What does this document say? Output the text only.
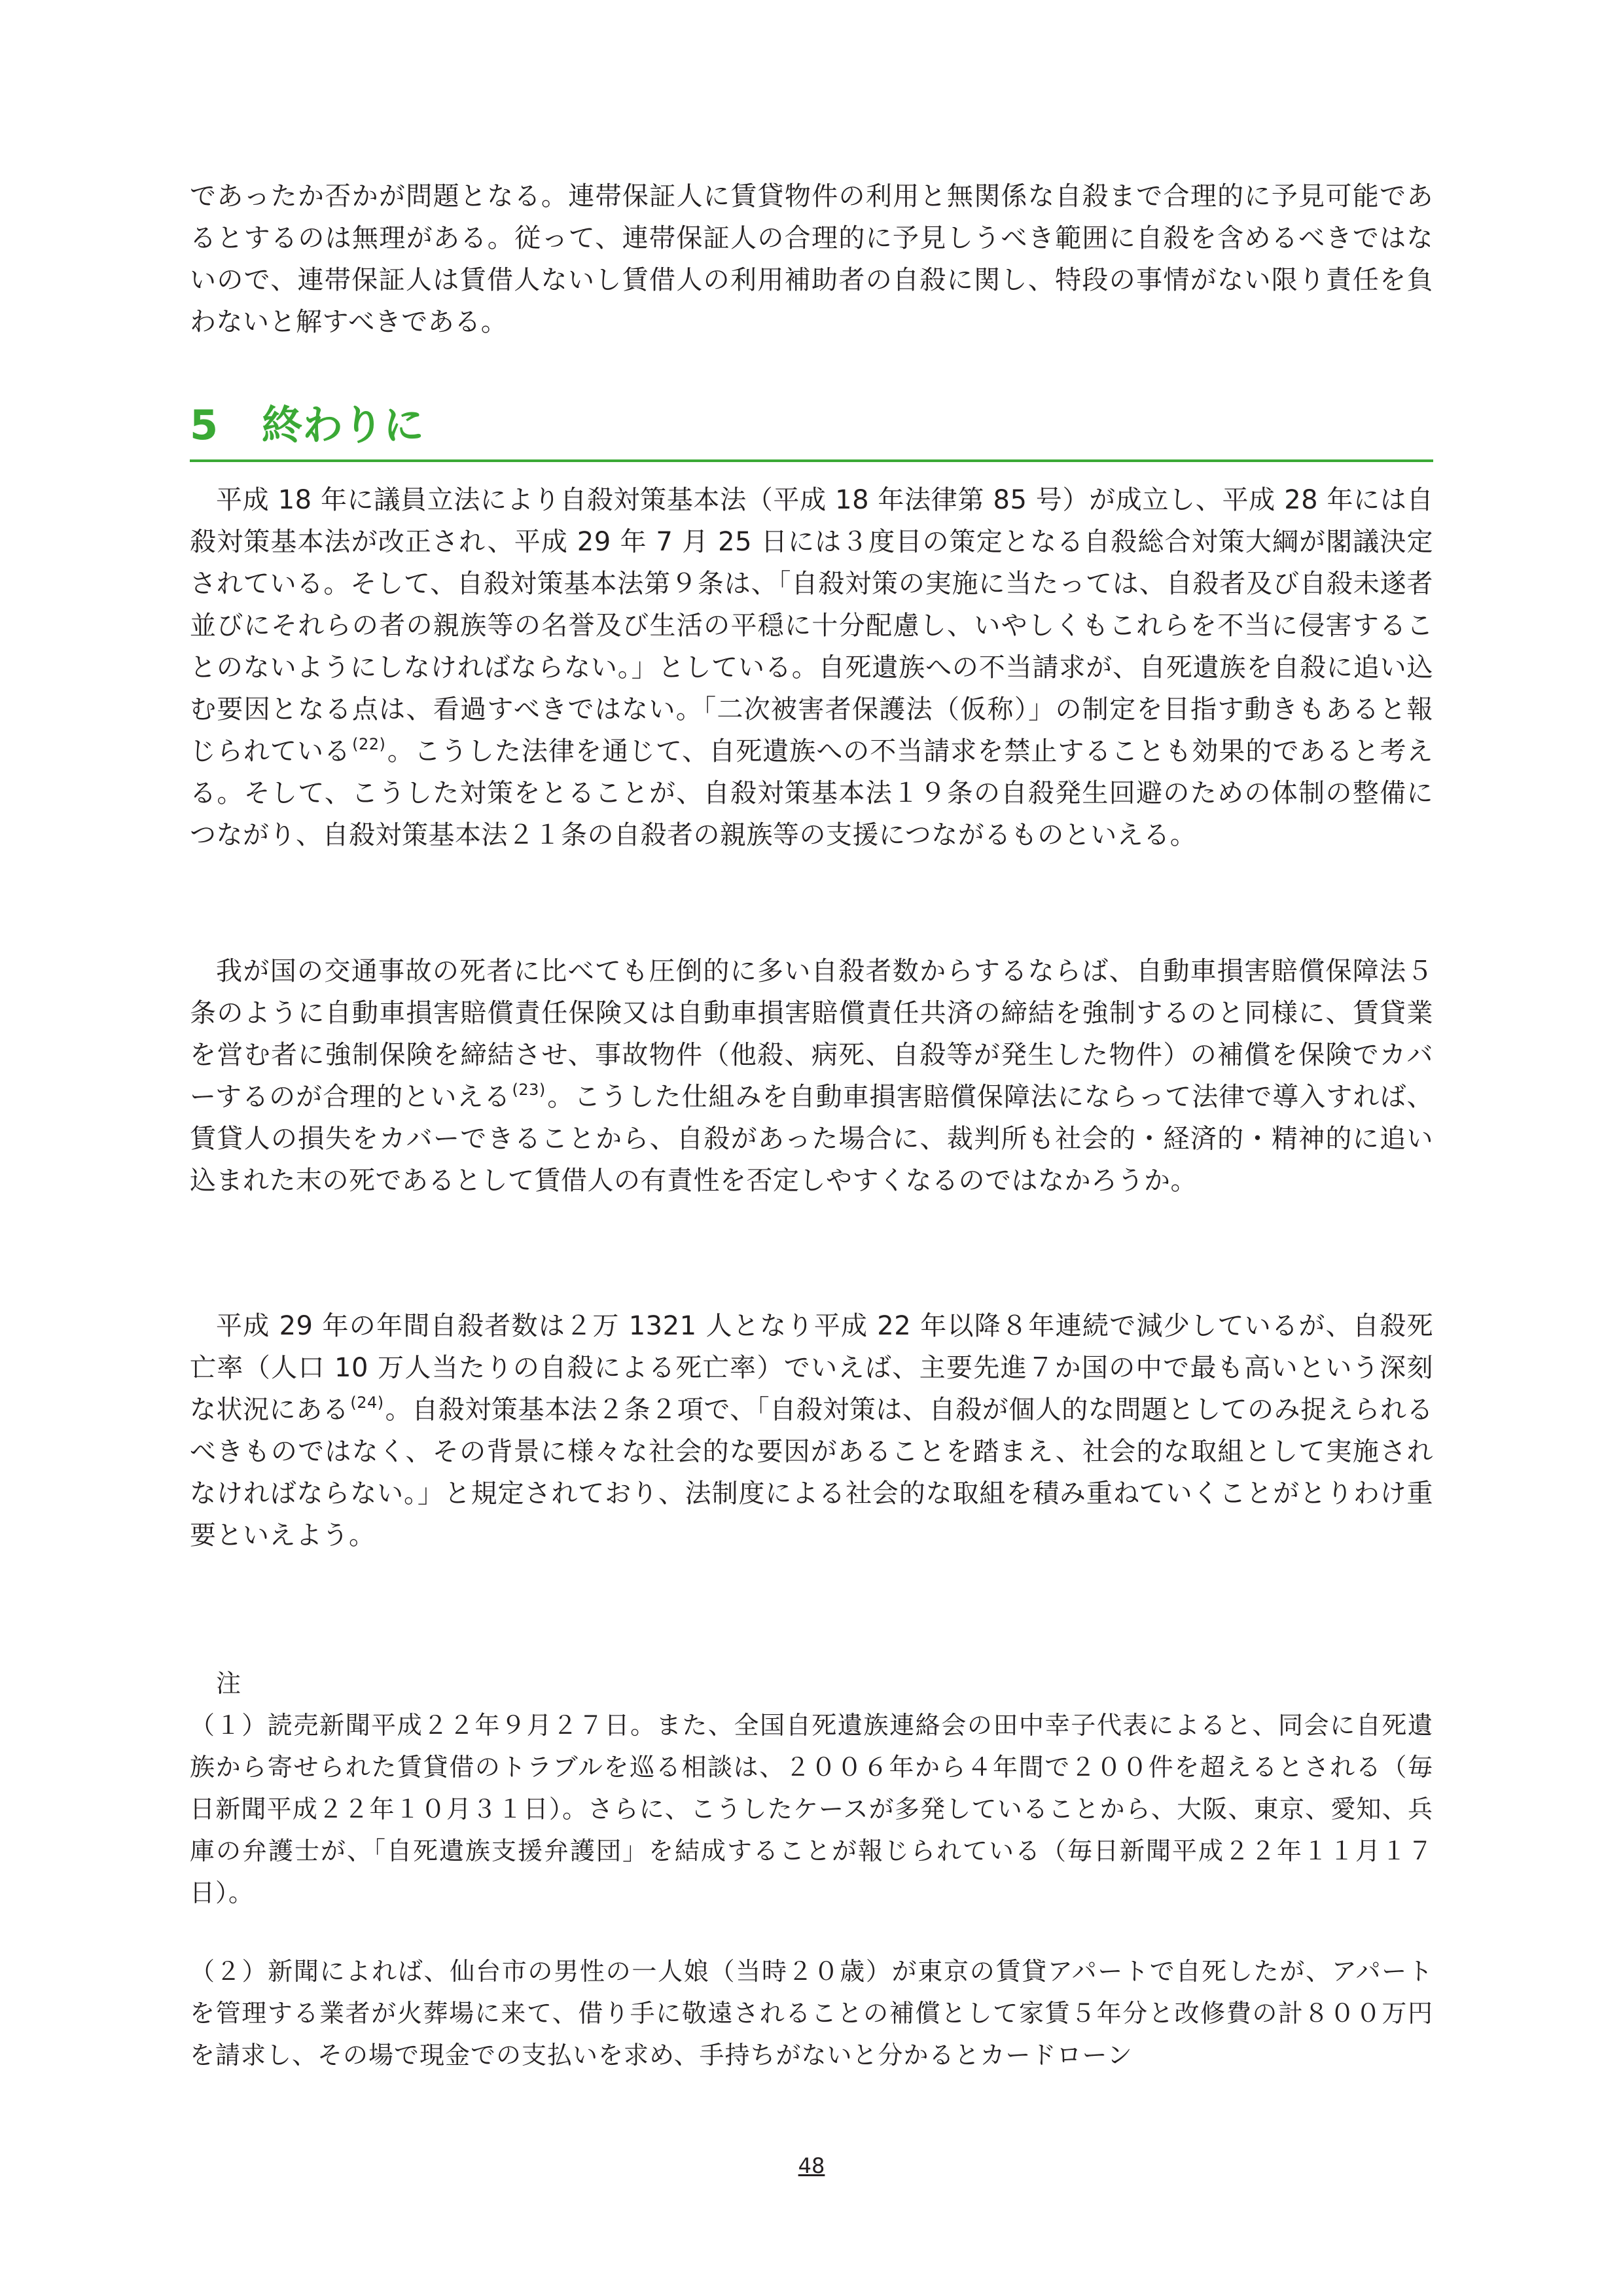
であったか否かが問題となる。連帯保証人に賃貸物件の利用と無関係な自殺まで合理的に予見可能であるとするのは無理がある。従って、連帯保証人の合理的に予見しうべき範囲に自殺を含めるべきではないので、連帯保証人は賃借人ないし賃借人の利用補助者の自殺に関し、特段の事情がない限り責任を負わないと解すべきである。

5 終わりに

平成 18 年に議員立法により自殺対策基本法（平成 18 年法律第 85 号）が成立し、平成 28 年には自殺対策基本法が改正され、平成 29 年 7 月 25 日には３度目の策定となる自殺総合対策大綱が閣議決定されている。そして、自殺対策基本法第９条は、「自殺対策の実施に当たっては、自殺者及び自殺未遂者並びにそれらの者の親族等の名誉及び生活の平穏に十分配慮し、いやしくもこれらを不当に侵害することのないようにしなければならない。」としている。自死遺族への不当請求が、自死遺族を自殺に追い込む要因となる点は、看過すべきではない。「二次被害者保護法（仮称）」の制定を目指す動きもあると報じられている$^{(22)}$。こうした法律を通じて、自死遺族への不当請求を禁止することも効果的であると考える。そして、こうした対策をとることが、自殺対策基本法１９条の自殺発生回避のための体制の整備につながり、自殺対策基本法２１条の自殺者の親族等の支援につながるものといえる。

我が国の交通事故の死者に比べても圧倒的に多い自殺者数からするならば、自動車損害賠償保障法５条のように自動車損害賠償責任保険又は自動車損害賠償責任共済の締結を強制するのと同様に、賃貸業を営む者に強制保険を締結させ、事故物件（他殺、病死、自殺等が発生した物件）の補償を保険でカバーするのが合理的といえる$^{(23)}$。こうした仕組みを自動車損害賠償保障法にならって法律で導入すれば、賃貸人の損失をカバーできることから、自殺があった場合に、裁判所も社会的・経済的・精神的に追い込まれた末の死であるとして賃借人の有責性を否定しやすくなるのではなかろうか。

平成 29 年の年間自殺者数は２万 1321 人となり平成 22 年以降８年連続で減少しているが、自殺死亡率（人口 10 万人当たりの自殺による死亡率）でいえば、主要先進７か国の中で最も高いという深刻な状況にある$^{(24)}$。自殺対策基本法２条２項で、「自殺対策は、自殺が個人的な問題としてのみ捉えられるべきものではなく、その背景に様々な社会的な要因があることを踏まえ、社会的な取組として実施されなければならない。」と規定されており、法制度による社会的な取組を積み重ねていくことがとりわけ重要といえよう。

注

（１）読売新聞平成２２年９月２７日。また、全国自死遺族連絡会の田中幸子代表によると、同会に自死遺族から寄せられた賃貸借のトラブルを巡る相談は、２００６年から４年間で２００件を超えるとされる（毎日新聞平成２２年１０月３１日）。さらに、こうしたケースが多発していることから、大阪、東京、愛知、兵庫の弁護士が、「自死遺族支援弁護団」を結成することが報じられている（毎日新聞平成２２年１１月１７日）。

（２）新聞によれば、仙台市の男性の一人娘（当時２０歳）が東京の賃貸アパートで自死したが、アパートを管理する業者が火葬場に来て、借り手に敬遠されることの補償として家賃５年分と改修費の計８００万円を請求し、その場で現金での支払いを求め、手持ちがないと分かるとカードローン

48
